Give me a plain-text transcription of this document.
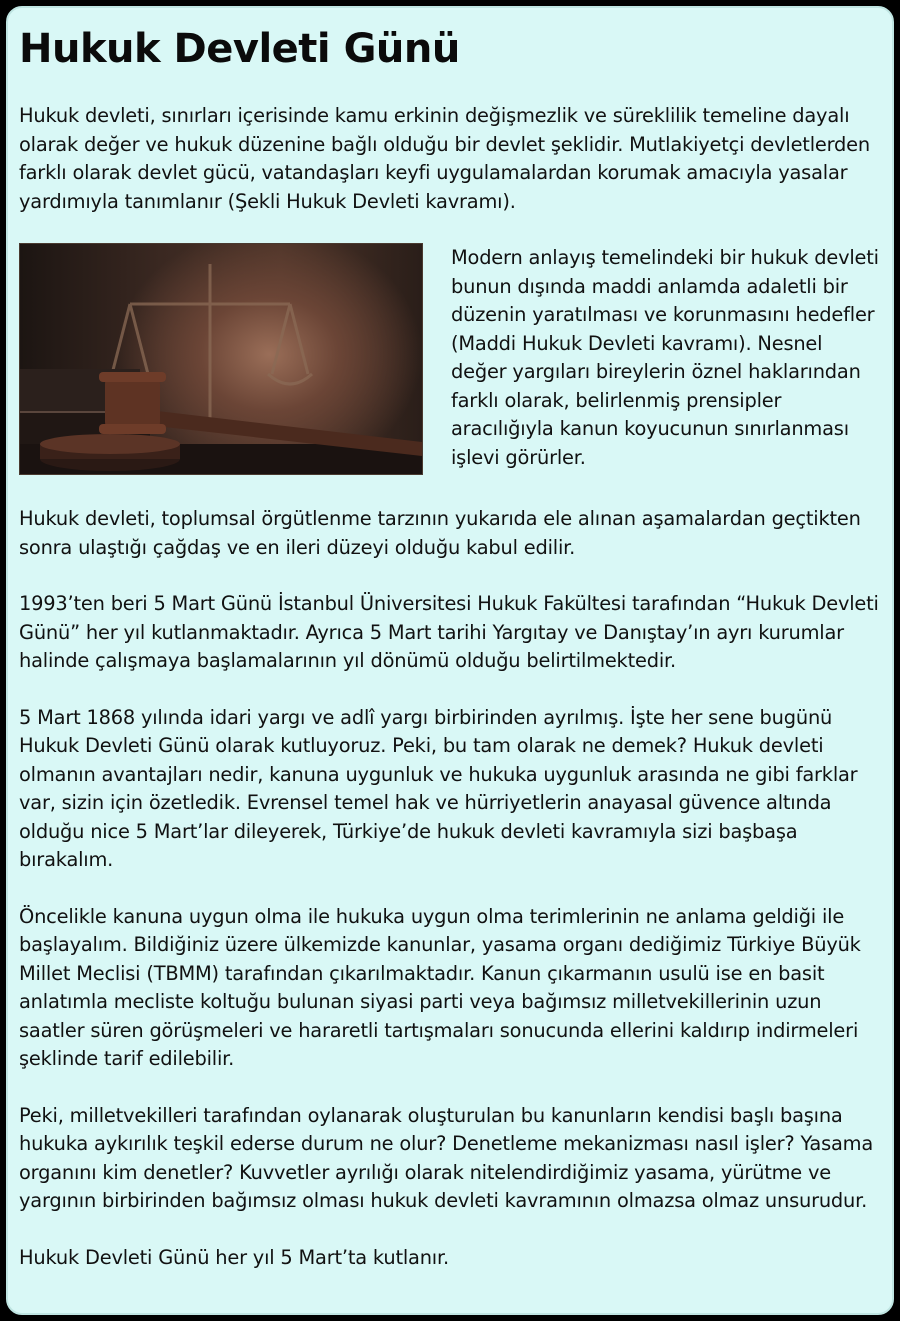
Hukuk Devleti Günü

Hukuk devleti, sınırları içerisinde kamu erkinin değişmezlik ve süreklilik temeline dayalı olarak değer ve hukuk düzenine bağlı olduğu bir devlet şeklidir. Mutlakiyetçi devletlerden farklı olarak devlet gücü, vatandaşları keyfi uygulamalardan korumak amacıyla yasalar yardımıyla tanımlanır (Şekli Hukuk Devleti kavramı).

Modern anlayış temelindeki bir hukuk devleti bunun dışında maddi anlamda adaletli bir düzenin yaratılması ve korunmasını hedefler (Maddi Hukuk Devleti kavramı). Nesnel değer yargıları bireylerin öznel haklarından farklı olarak, belirlenmiş prensipler aracılığıyla kanun koyucunun sınırlanması işlevi görürler.

Hukuk devleti, toplumsal örgütlenme tarzının yukarıda ele alınan aşamalardan geçtikten sonra ulaştığı çağdaş ve en ileri düzeyi olduğu kabul edilir.

1993’ten beri 5 Mart Günü İstanbul Üniversitesi Hukuk Fakültesi tarafından “Hukuk Devleti Günü” her yıl kutlanmaktadır. Ayrıca 5 Mart tarihi Yargıtay ve Danıştay’ın ayrı kurumlar halinde çalışmaya başlamalarının yıl dönümü olduğu belirtilmektedir.

5 Mart 1868 yılında idari yargı ve adlî yargı birbirinden ayrılmış. İşte her sene bugünü Hukuk Devleti Günü olarak kutluyoruz. Peki, bu tam olarak ne demek? Hukuk devleti olmanın avantajları nedir, kanuna uygunluk ve hukuka uygunluk arasında ne gibi farklar var, sizin için özetledik. Evrensel temel hak ve hürriyetlerin anayasal güvence altında olduğu nice 5 Mart’lar dileyerek, Türkiye’de hukuk devleti kavramıyla sizi başbaşa bırakalım.

Öncelikle kanuna uygun olma ile hukuka uygun olma terimlerinin ne anlama geldiği ile başlayalım. Bildiğiniz üzere ülkemizde kanunlar, yasama organı dediğimiz Türkiye Büyük Millet Meclisi (TBMM) tarafından çıkarılmaktadır. Kanun çıkarmanın usulü ise en basit anlatımla mecliste koltuğu bulunan siyasi parti veya bağımsız milletvekillerinin uzun saatler süren görüşmeleri ve hararetli tartışmaları sonucunda ellerini kaldırıp indirmeleri şeklinde tarif edilebilir.

Peki, milletvekilleri tarafından oylanarak oluşturulan bu kanunların kendisi başlı başına hukuka aykırılık teşkil ederse durum ne olur? Denetleme mekanizması nasıl işler? Yasama organını kim denetler? Kuvvetler ayrılığı olarak nitelendirdiğimiz yasama, yürütme ve yargının birbirinden bağımsız olması hukuk devleti kavramının olmazsa olmaz unsurudur.

Hukuk Devleti Günü her yıl 5 Mart’ta kutlanır.
